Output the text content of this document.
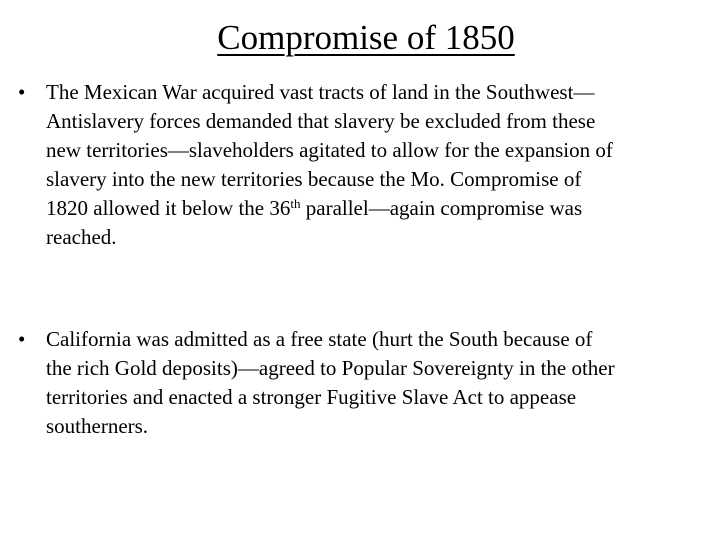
Compromise of 1850
• The Mexican War acquired vast tracts of land in the Southwest—
Antislavery forces demanded that slavery be excluded from these
new territories—slaveholders agitated to allow for the expansion of
slavery into the new territories because the Mo. Compromise of
1820 allowed it below the 36th parallel—again compromise was
reached.
• California was admitted as a free state (hurt the South because of
the rich Gold deposits)—agreed to Popular Sovereignty in the other
territories and enacted a stronger Fugitive Slave Act to appease
southerners.
